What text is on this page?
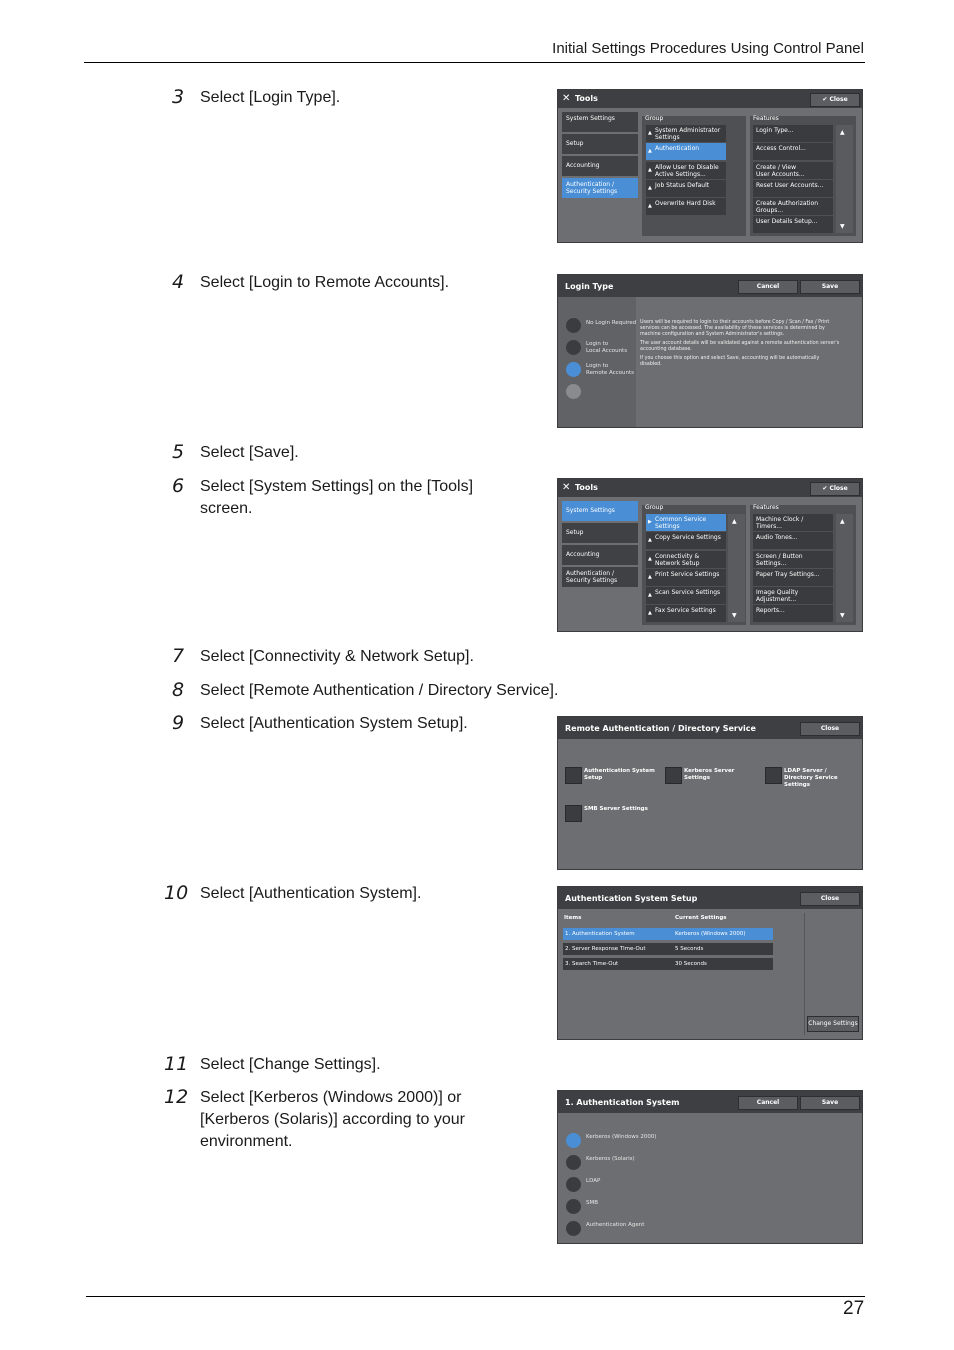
Initial Settings Procedures Using Control Panel
3 Select [Login Type].
4 Select [Login to Remote Accounts].
5 Select [Save].
6 Select [System Settings] on the [Tools]
screen.
7 Select [Connectivity & Network Setup].
8 Select [Remote Authentication / Directory Service].
9 Select [Authentication System Setup].
10 Select [Authentication System].
11 Select [Change Settings].
12 Select [Kerberos (Windows 2000)] or
[Kerberos (Solaris)] according to your
environment.
✕ Tools	✔ Close
System Settings
Setup
Accounting
Authentication /
Security Settings
Group
▲ System Administrator
Settings
▲ Authentication
▲ Allow User to Disable
Active Settings...
▲ Job Status Default
▲ Overwrite Hard Disk
Features
Login Type...
Access Control...
Create / View
User Accounts...
Reset User Accounts...
Create Authorization
Groups...
User Details Setup...
▲
▼
Login Type	Cancel	Save
No Login Required
Login to
Local Accounts
Login to
Remote Accounts
Users will be required to login to their accounts before Copy / Scan / Fax / Print services can be accessed. The availability of these services is determined by machine configuration and System Administrator's settings.
The user account details will be validated against a remote authentication server's accounting database.
If you choose this option and select Save, accounting will be automatically disabled.
✕ Tools	✔ Close
System Settings
Setup
Accounting
Authentication /
Security Settings
Group
▶ Common Service
Settings
▲ Copy Service Settings
▲ Connectivity &
Network Setup
▲ Print Service Settings
▲ Scan Service Settings
▲ Fax Service Settings
▲
▼
Features
Machine Clock / Timers...
Audio Tones...
Screen / Button
Settings...
Paper Tray Settings...
Image Quality
Adjustment...
Reports...
▲
▼
Remote Authentication / Directory Service	Close
Authentication System
Setup
Kerberos Server
Settings
LDAP Server /
Directory Service Settings
SMB Server Settings
Authentication System Setup	Close
Items	Current Settings
1. Authentication System	Kerberos (Windows 2000)
2. Server Response Time-Out	5 Seconds
3. Search Time-Out	30 Seconds
Change Settings
1. Authentication System	Cancel	Save
Kerberos (Windows 2000)
Kerberos (Solaris)
LDAP
SMB
Authentication Agent
27
